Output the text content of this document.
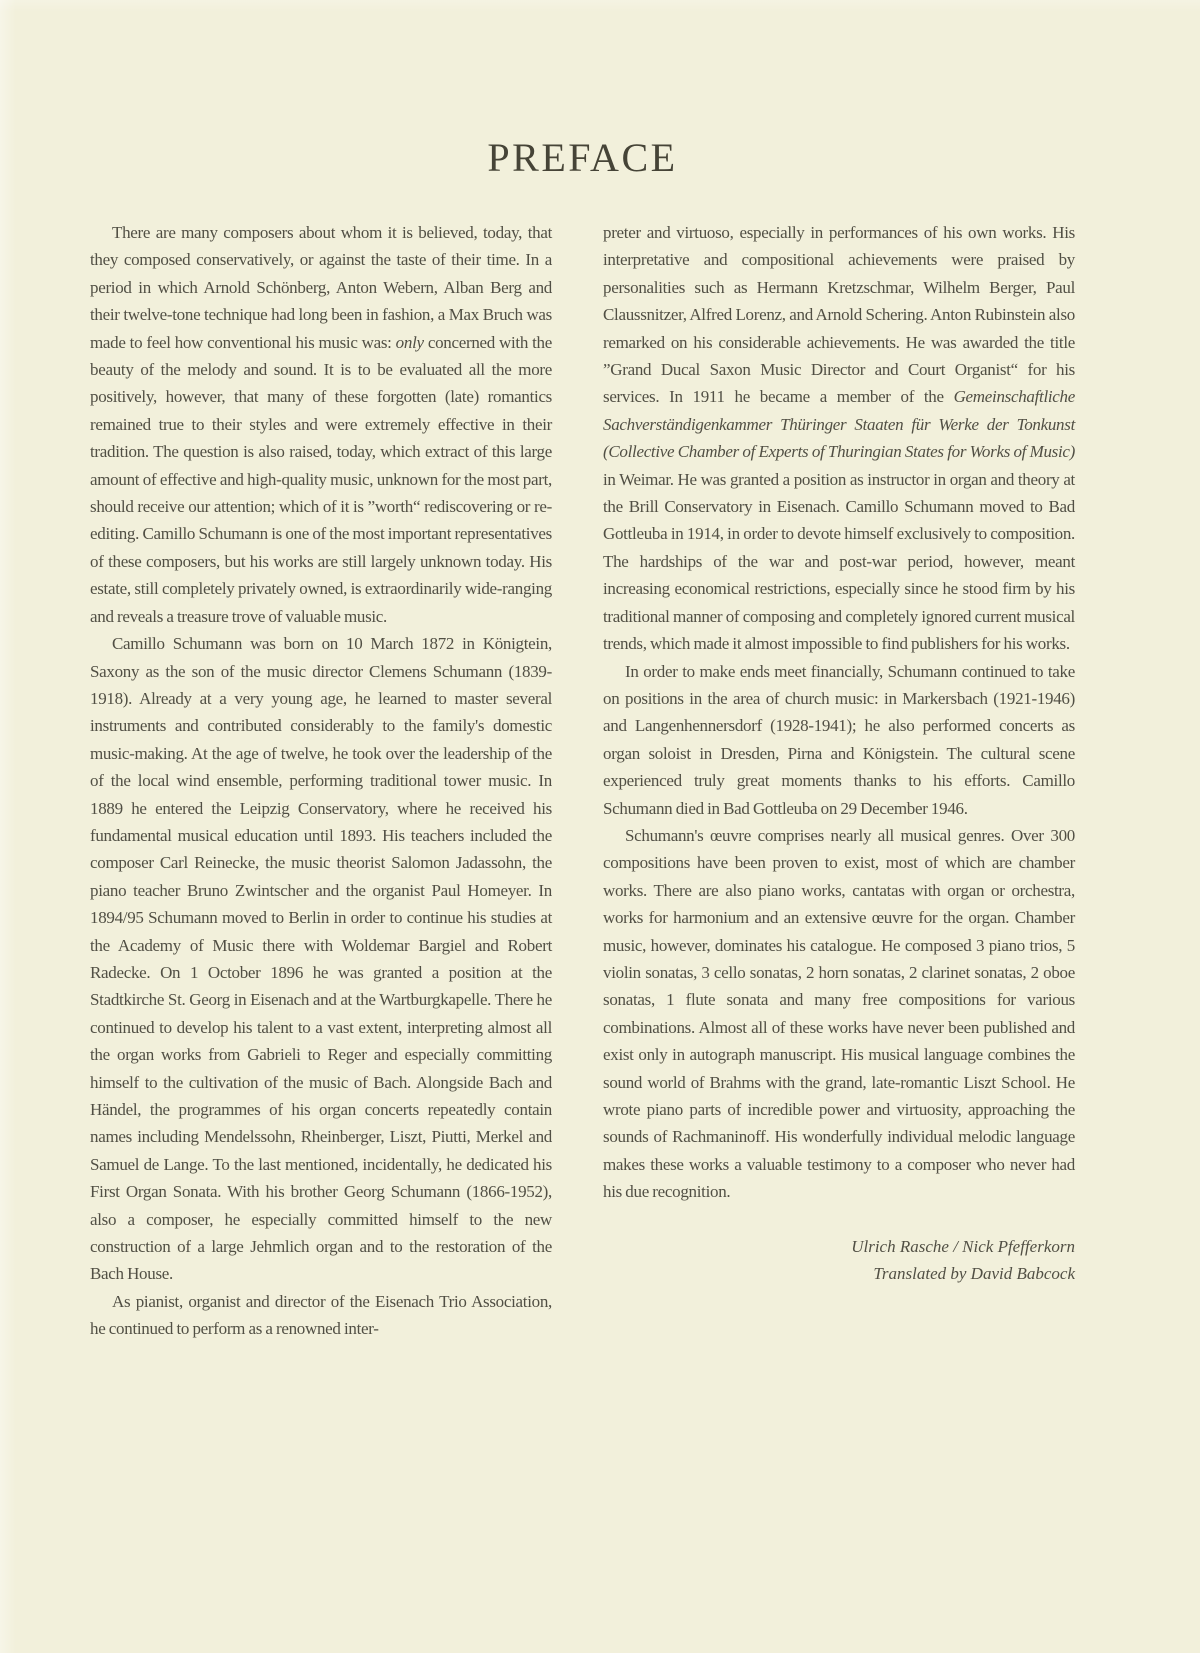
PREFACE

There are many composers about whom it is believed, today, that they composed conservatively, or against the taste of their time. In a period in which Arnold Schönberg, Anton Webern, Alban Berg and their twelve-tone technique had long been in fashion, a Max Bruch was made to feel how conventional his music was: only concerned with the beauty of the melody and sound. It is to be evaluated all the more positively, however, that many of these forgotten (late) romantics remained true to their styles and were extremely effective in their tradition. The question is also raised, today, which extract of this large amount of effective and high-quality music, unknown for the most part, should receive our attention; which of it is ”worth“ rediscovering or re-editing. Camillo Schumann is one of the most important representatives of these composers, but his works are still largely unknown today. His estate, still completely privately owned, is extraordinarily wide-ranging and reveals a treasure trove of valuable music.

Camillo Schumann was born on 10 March 1872 in Königtein, Saxony as the son of the music director Clemens Schumann (1839-1918). Already at a very young age, he learned to master several instruments and contributed considerably to the family's domestic music-making. At the age of twelve, he took over the leadership of the of the local wind ensemble, performing traditional tower music. In 1889 he entered the Leipzig Conservatory, where he received his fundamental musical education until 1893. His teachers included the composer Carl Reinecke, the music theorist Salomon Jadassohn, the piano teacher Bruno Zwintscher and the organist Paul Homeyer. In 1894/95 Schumann moved to Berlin in order to continue his studies at the Academy of Music there with Woldemar Bargiel and Robert Radecke. On 1 October 1896 he was granted a position at the Stadtkirche St. Georg in Eisenach and at the Wartburgkapelle. There he continued to develop his talent to a vast extent, interpreting almost all the organ works from Gabrieli to Reger and especially committing himself to the cultivation of the music of Bach. Alongside Bach and Händel, the programmes of his organ concerts repeatedly contain names including Mendelssohn, Rheinberger, Liszt, Piutti, Merkel and Samuel de Lange. To the last mentioned, incidentally, he dedicated his First Organ Sonata. With his brother Georg Schumann (1866-1952), also a composer, he especially committed himself to the new construction of a large Jehmlich organ and to the restoration of the Bach House.

As pianist, organist and director of the Eisenach Trio Association, he continued to perform as a renowned inter-

preter and virtuoso, especially in performances of his own works. His interpretative and compositional achievements were praised by personalities such as Hermann Kretzschmar, Wilhelm Berger, Paul Claussnitzer, Alfred Lorenz, and Arnold Schering. Anton Rubinstein also remarked on his considerable achievements. He was awarded the title ”Grand Ducal Saxon Music Director and Court Organist“ for his services. In 1911 he became a member of the Gemeinschaftliche Sachverständigenkammer Thüringer Staaten für Werke der Tonkunst (Collective Chamber of Experts of Thuringian States for Works of Music) in Weimar. He was granted a position as instructor in organ and theory at the Brill Conservatory in Eisenach. Camillo Schumann moved to Bad Gottleuba in 1914, in order to devote himself exclusively to composition. The hardships of the war and post-war period, however, meant increasing economical restrictions, especially since he stood firm by his traditional manner of composing and completely ignored current musical trends, which made it almost impossible to find publishers for his works.

In order to make ends meet financially, Schumann continued to take on positions in the area of church music: in Markersbach (1921-1946) and Langenhennersdorf (1928-1941); he also performed concerts as organ soloist in Dresden, Pirna and Königstein. The cultural scene experienced truly great moments thanks to his efforts. Camillo Schumann died in Bad Gottleuba on 29 December 1946.

Schumann's œuvre comprises nearly all musical genres. Over 300 compositions have been proven to exist, most of which are chamber works. There are also piano works, cantatas with organ or orchestra, works for harmonium and an extensive œuvre for the organ. Chamber music, however, dominates his catalogue. He composed 3 piano trios, 5 violin sonatas, 3 cello sonatas, 2 horn sonatas, 2 clarinet sonatas, 2 oboe sonatas, 1 flute sonata and many free compositions for various combinations. Almost all of these works have never been published and exist only in autograph manuscript. His musical language combines the sound world of Brahms with the grand, late-romantic Liszt School. He wrote piano parts of incredible power and virtuosity, approaching the sounds of Rachmaninoff. His wonderfully individual melodic language makes these works a valuable testimony to a composer who never had his due recognition.

Ulrich Rasche / Nick Pfefferkorn
Translated by David Babcock
